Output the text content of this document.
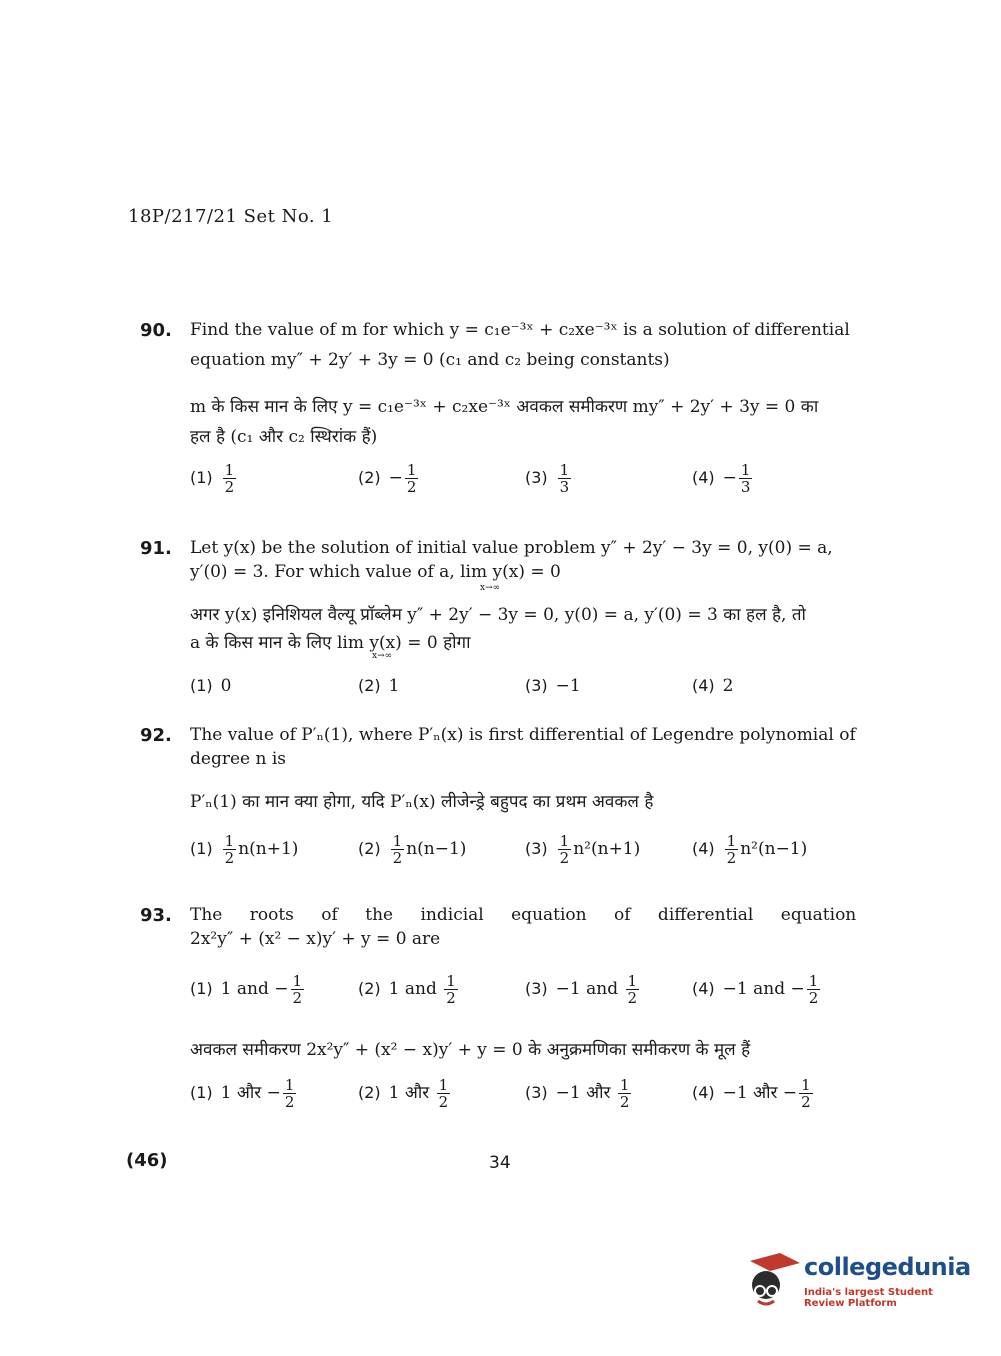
18P/217/21 Set No. 1
90. Find the value of m for which y = c₁e⁻³ˣ + c₂xe⁻³ˣ is a solution of differential
equation my″ + 2y′ + 3y = 0 (c₁ and c₂ being constants)
m के किस मान के लिए y = c₁e⁻³ˣ + c₂xe⁻³ˣ अवकल समीकरण my″ + 2y′ + 3y = 0 का
हल है (c₁ और c₂ स्थिरांक हैं)
$(1) \frac{1}{2}$	$(2) - \frac{1}{2}$	$(3) \frac{1}{3}$	$(4) - \frac{1}{3}$
91. Let y(x) be the solution of initial value problem y″ + 2y′ − 3y = 0, y(0) = a,
y′(0) = 3. For which value of a, lim y(x) = 0
x→∞
अगर y(x) इनिशियल वैल्यू प्रॉब्लेम y″ + 2y′ − 3y = 0, y(0) = a, y′(0) = 3 का हल है, तो
a के किस मान के लिए lim y(x) = 0 होगा
x→∞
(1) 0	(2) 1	(3) −1	(4) 2
92. The value of P′ₙ(1), where P′ₙ(x) is first differential of Legendre polynomial of
degree n is
P′ₙ(1) का मान क्या होगा, यदि P′ₙ(x) लीजेन्ड्रे बहुपद का प्रथम अवकल है
$(1) \frac{1}{2} n(n+1)$	$(2) \frac{1}{2} n(n-1)$	$(3) \frac{1}{2} n^2(n+1)$	$(4) \frac{1}{2} n^2(n-1)$
93. The roots of the indicial equation of differential equation
2x²y″ + (x² − x)y′ + y = 0 are
(1) 1 and − $\frac{1}{2}$	(2) 1 and $\frac{1}{2}$	(3) −1 and $\frac{1}{2}$	(4) −1 and − $\frac{1}{2}$
अवकल समीकरण 2x²y″ + (x² − x)y′ + y = 0 के अनुक्रमणिका समीकरण के मूल हैं
(1) 1 और − $\frac{1}{2}$	(2) 1 और $\frac{1}{2}$	(3) −1 और $\frac{1}{2}$	(4) −1 और − $\frac{1}{2}$
(46)	34
collegedunia
India's largest Student Review Platform
